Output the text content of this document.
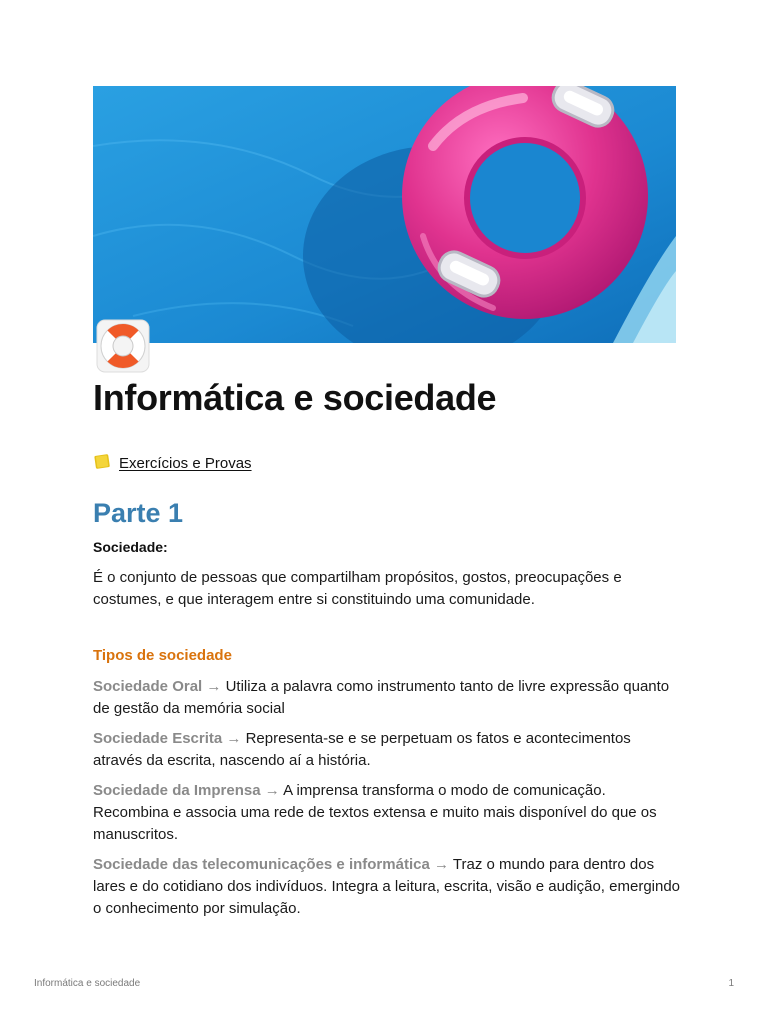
Informática e sociedade
Exercícios e Provas
Parte 1

Sociedade:

É o conjunto de pessoas que compartilham propósitos, gostos, preocupações e costumes, e que interagem entre si constituindo uma comunidade.

Tipos de sociedade

Sociedade Oral → Utiliza a palavra como instrumento tanto de livre expressão quanto de gestão da memória social

Sociedade Escrita → Representa-se e se perpetuam os fatos e acontecimentos através da escrita, nascendo aí a história.

Sociedade da Imprensa → A imprensa transforma o modo de comunicação. Recombina e associa uma rede de textos extensa e muito mais disponível do que os manuscritos.

Sociedade das telecomunicações e informática → Traz o mundo para dentro dos lares e do cotidiano dos indivíduos. Integra a leitura, escrita, visão e audição, emergindo o conhecimento por simulação.

Informática e sociedade	1
